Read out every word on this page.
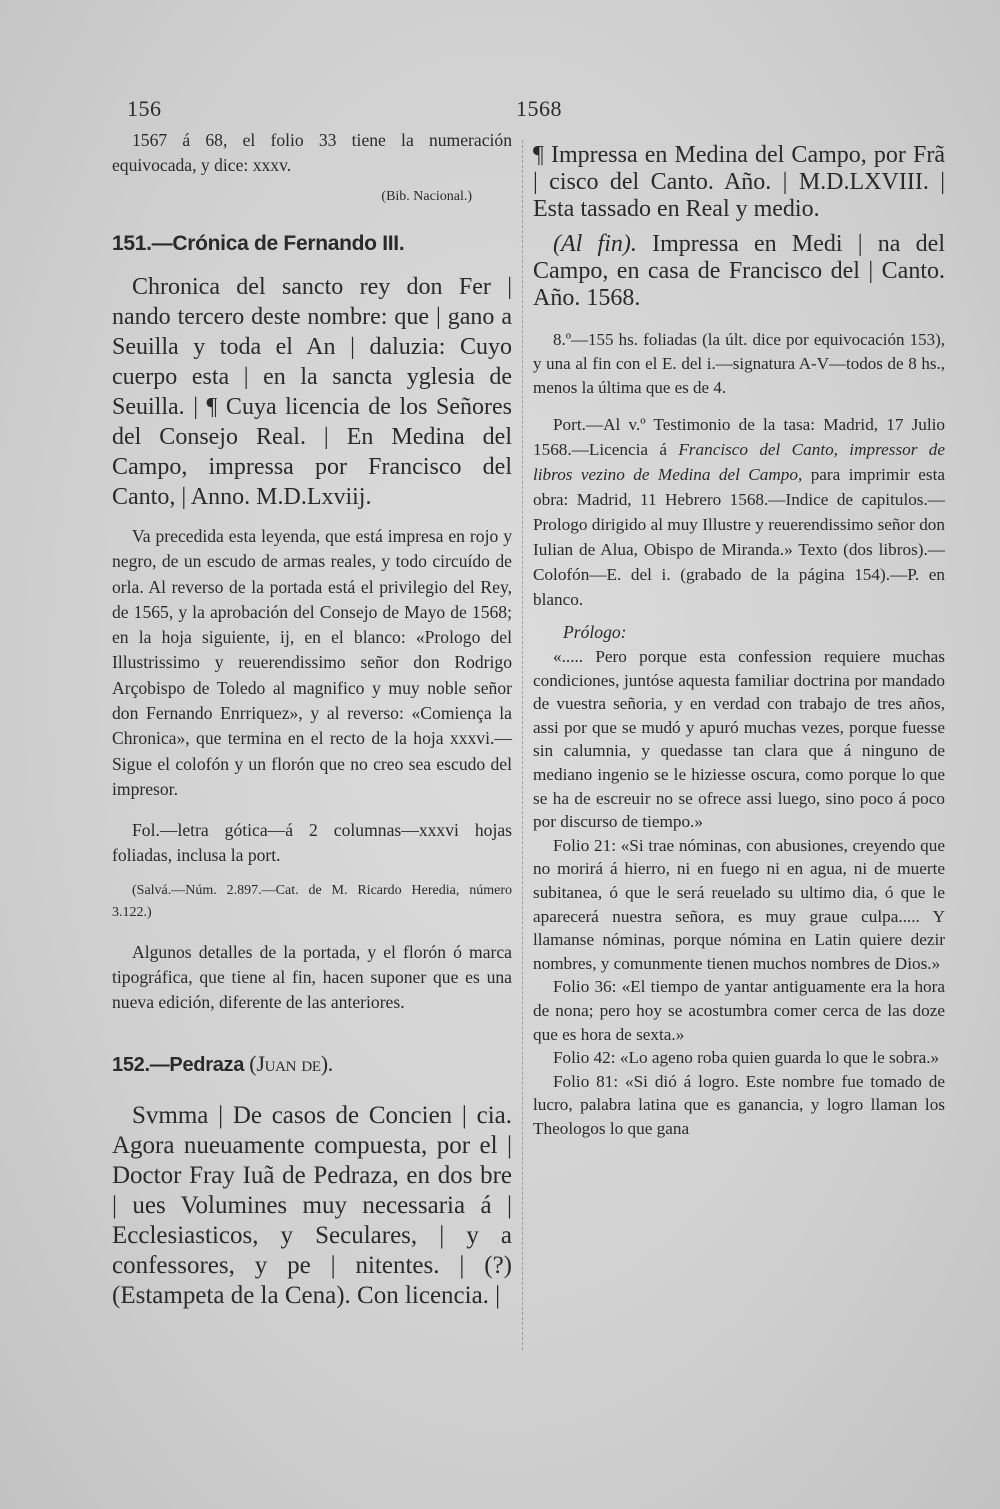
156	1568

1567 á 68, el folio 33 tiene la numeración equivocada, y dice: xxxv.

(Bib. Nacional.)

151.—Crónica de Fernando III.

Chronica del sancto rey don Fer | nando tercero deste nombre: que | gano a Seuilla y toda el An | daluzia: Cuyo cuerpo esta | en la sancta yglesia de Seuilla. | ¶ Cuya licencia de los Señores del Consejo Real. | En Medina del Campo, impressa por Francisco del Canto, | Anno. M.D.Lxviij.

Va precedida esta leyenda, que está impresa en rojo y negro, de un escudo de armas reales, y todo circuído de orla. Al reverso de la portada está el privilegio del Rey, de 1565, y la aprobación del Consejo de Mayo de 1568; en la hoja siguiente, ij, en el blanco: «Prologo del Illustrissimo y reuerendissimo señor don Rodrigo Arçobispo de Toledo al magnifico y muy noble señor don Fernando Enrriquez», y al reverso: «Comiença la Chronica», que termina en el recto de la hoja xxxvi.—Sigue el colofón y un florón que no creo sea escudo del impresor.

Fol.—letra gótica—á 2 columnas—xxxvi hojas foliadas, inclusa la port.

(Salvá.—Núm. 2.897.—Cat. de M. Ricardo Heredia, número 3.122.)

Algunos detalles de la portada, y el florón ó marca tipográfica, que tiene al fin, hacen suponer que es una nueva edición, diferente de las anteriores.

152.—Pedraza (Juan de).

Svmma | De casos de Concien | cia. Agora nueuamente compuesta, por el | Doctor Fray Iuã de Pedraza, en dos bre | ues Volumines muy necessaria á | Ecclesiasticos, y Seculares, | y a confessores, y pe | nitentes. | (?) (Estampeta de la Cena). Con licencia. |

¶ Impressa en Medina del Campo, por Frã | cisco del Canto. Año. | M.D.LXVIII. | Esta tassado en Real y medio.

(Al fin). Impressa en Medi | na del Campo, en casa de Francisco del | Canto. Año. 1568.

8.º—155 hs. foliadas (la últ. dice por equivocación 153), y una al fin con el E. del i.—signatura A-V—todos de 8 hs., menos la última que es de 4.

Port.—Al v.º Testimonio de la tasa: Madrid, 17 Julio 1568.—Licencia á Francisco del Canto, impressor de libros vezino de Medina del Campo, para imprimir esta obra: Madrid, 11 Hebrero 1568.—Indice de capitulos.—Prologo dirigido al muy Illustre y reuerendissimo señor don Iulian de Alua, Obispo de Miranda.» Texto (dos libros).—Colofón—E. del i. (grabado de la página 154).—P. en blanco.

Prólogo:

«..... Pero porque esta confession requiere muchas condiciones, juntóse aquesta familiar doctrina por mandado de vuestra señoria, y en verdad con trabajo de tres años, assi por que se mudó y apuró muchas vezes, porque fuesse sin calumnia, y quedasse tan clara que á ninguno de mediano ingenio se le hiziesse oscura, como porque lo que se ha de escreuir no se ofrece assi luego, sino poco á poco por discurso de tiempo.»

Folio 21: «Si trae nóminas, con abusiones, creyendo que no morirá á hierro, ni en fuego ni en agua, ni de muerte subitanea, ó que le será reuelado su ultimo dia, ó que le aparecerá nuestra señora, es muy graue culpa..... Y llamanse nóminas, porque nómina en Latin quiere dezir nombres, y comunmente tienen muchos nombres de Dios.»

Folio 36: «El tiempo de yantar antiguamente era la hora de nona; pero hoy se acostumbra comer cerca de las doze que es hora de sexta.»

Folio 42: «Lo ageno roba quien guarda lo que le sobra.»

Folio 81: «Si dió á logro. Este nombre fue tomado de lucro, palabra latina que es ganancia, y logro llaman los Theologos lo que gana
